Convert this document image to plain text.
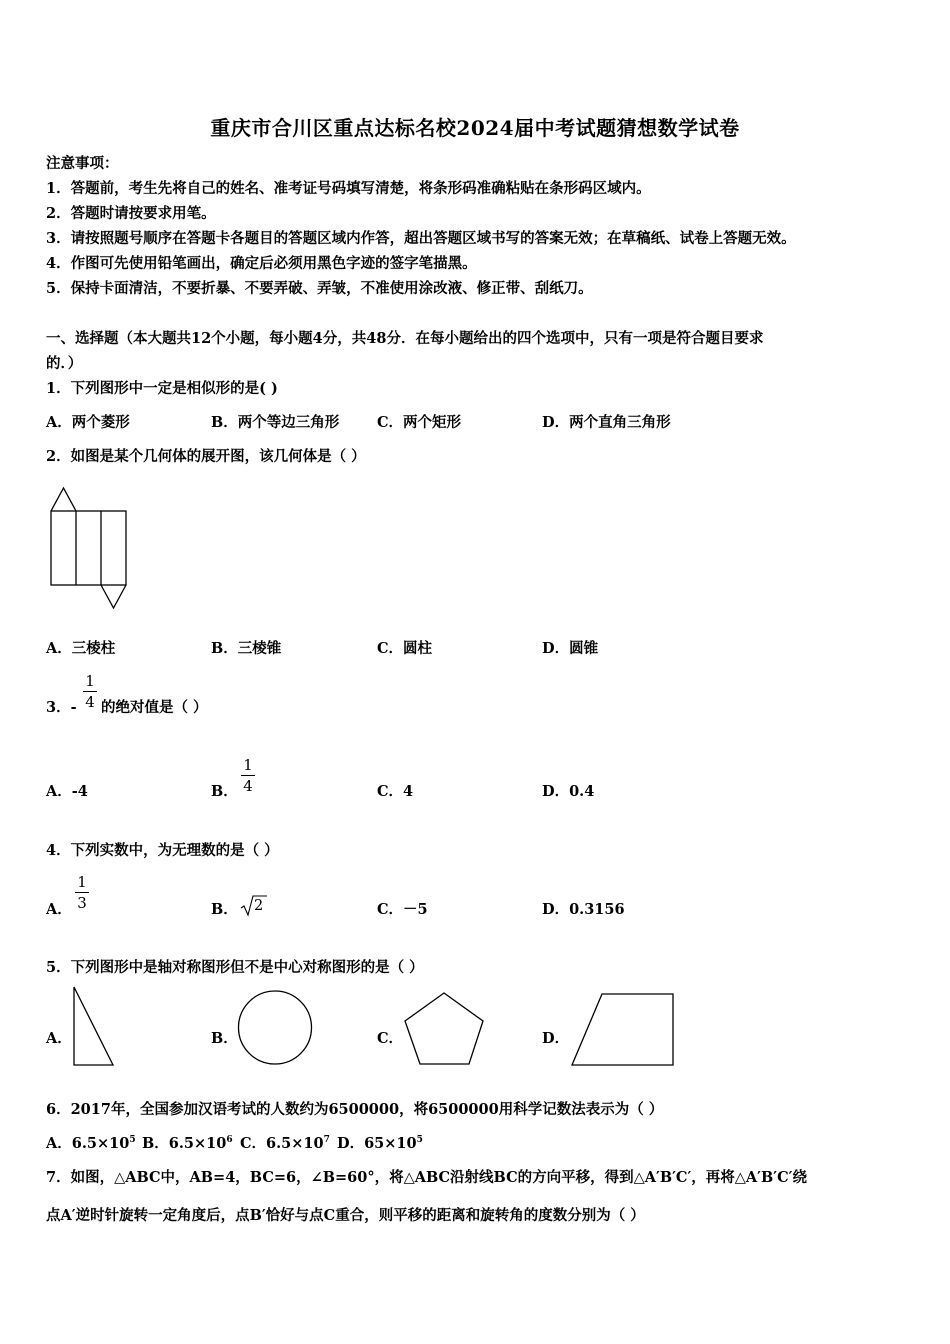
重庆市合川区重点达标名校2024届中考试题猜想数学试卷
注意事项：
1．答题前，考生先将自己的姓名、准考证号码填写清楚，将条形码准确粘贴在条形码区域内。
2．答题时请按要求用笔。
3．请按照题号顺序在答题卡各题目的答题区域内作答，超出答题区域书写的答案无效；在草稿纸、试卷上答题无效。
4．作图可先使用铅笔画出，确定后必须用黑色字迹的签字笔描黑。
5．保持卡面清洁，不要折暴、不要弄破、弄皱，不准使用涂改液、修正带、刮纸刀。
一、选择题（本大题共12个小题，每小题4分，共48分．在每小题给出的四个选项中，只有一项是符合题目要求
的．）
1．下列图形中一定是相似形的是( )
A．两个菱形	B．两个等边三角形	C．两个矩形	D．两个直角三角形
2．如图是某个几何体的展开图，该几何体是（ ）
A．三棱柱	B．三棱锥	C．圆柱	D．圆锥
3．-
1
4 的绝对值是（ ）
A．-4	B．
1
4	C．4	D．0.4
4．下列实数中，为无理数的是（ ）
A．
1
3	B． 2	C．－5	D．0.3156
5．下列图形中是轴对称图形但不是中心对称图形的是（ ）
A．	B．	C．	D．
6．2017年，全国参加汉语考试的人数约为6500000，将6500000用科学记数法表示为（ ）
A．$6.5\times 10^5$ B．$6.5\times 10^6$ C．$6.5\times 10^7$ D．$65\times 10^5$
7．如图，△ABC中，AB=4，BC=6，∠B=60°，将△ABC沿射线BC的方向平移，得到△A′B′C′，再将△A′B′C′绕
点A′逆时针旋转一定角度后，点B′恰好与点C重合，则平移的距离和旋转角的度数分别为（ ）
